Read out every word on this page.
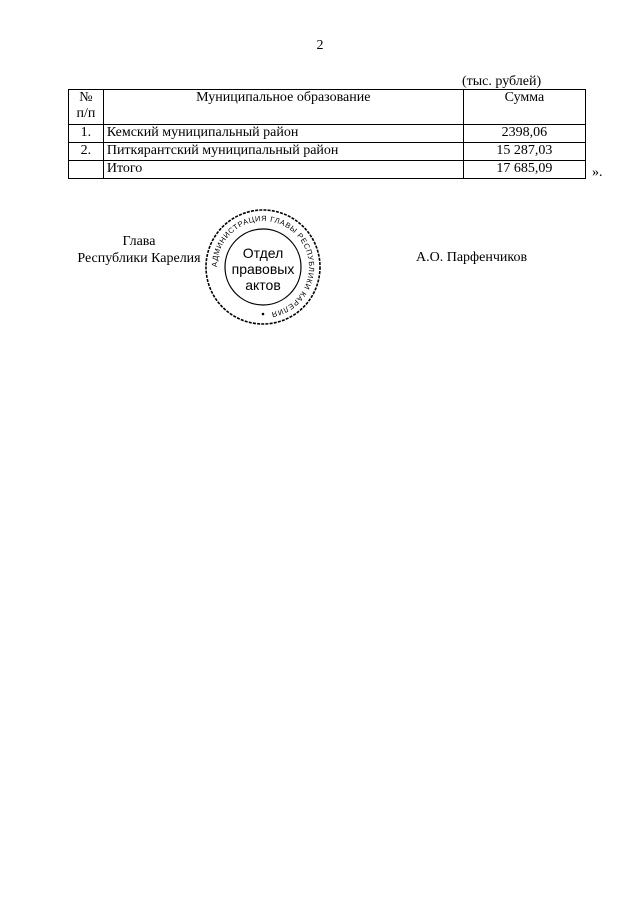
2
(тыс. рублей)
№ п/п	Муниципальное образование	Сумма
1.	Кемский муниципальный район	2398,06
2.	Питкярантский муниципальный район	15 287,03
	Итого	17 685,09	».
Глава
Республики Карелия	А.О. Парфенчиков
АДМИНИСТРАЦИЯ ГЛАВЫ РЕСПУБЛИКИ КАРЕЛИЯ
Отдел
правовых
актов
